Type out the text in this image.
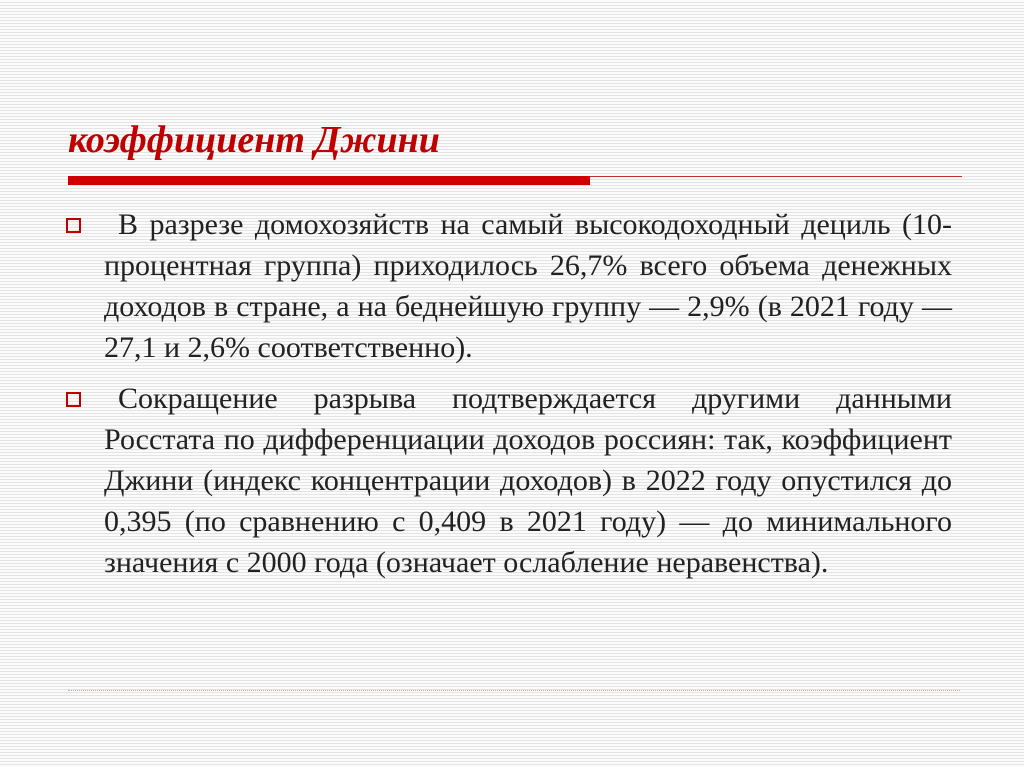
коэффициент Джини

В разрезе домохозяйств на самый высокодоходный дециль (10-процентная группа) приходилось 26,7% всего объема денежных доходов в стране, а на беднейшую группу — 2,9% (в 2021 году — 27,1 и 2,6% соответственно).

Сокращение разрыва подтверждается другими данными Росстата по дифференциации доходов россиян: так, коэффициент Джини (индекс концентрации доходов) в 2022 году опустился до 0,395 (по сравнению с 0,409 в 2021 году) — до минимального значения с 2000 года (означает ослабление неравенства).
